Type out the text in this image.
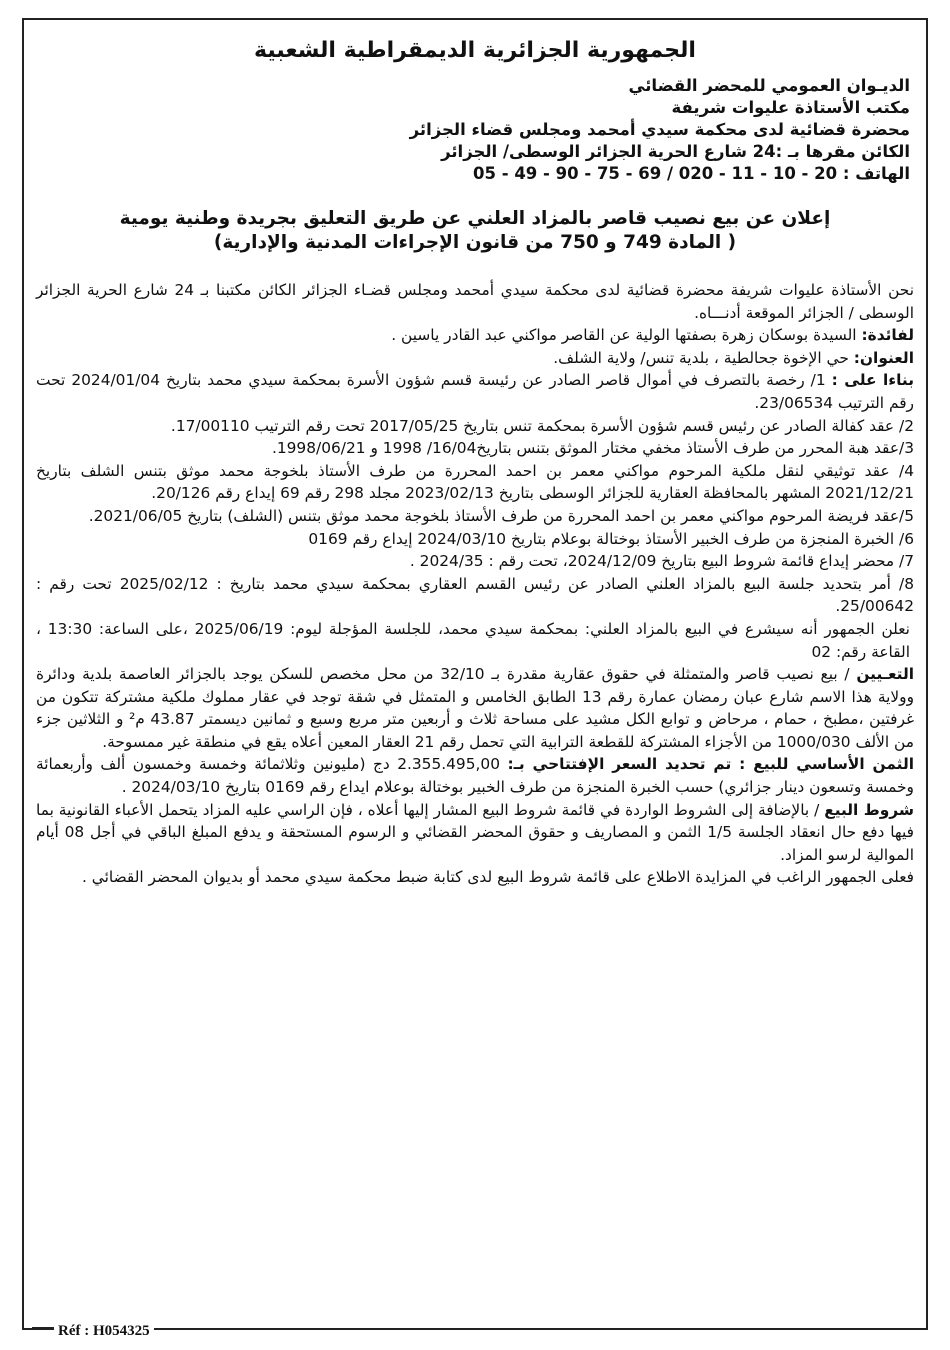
الجمهورية الجزائرية الديمقراطية الشعبية
الديـوان العمومي للمحضر القضائي
مكتب الأستاذة عليوات شريفة
محضرة قضائية لدى محكمة سيدي أمحمد ومجلس قضاء الجزائر
الكائن مقرها بـ :24 شارع الحرية الجزائر الوسطى/ الجزائر
الهاتف : 20 - 10 - 11 - 020 / 69 - 75 - 90 - 49 - 05
إعلان عن بيع نصيب قاصر بالمزاد العلني عن طريق التعليق بجريدة وطنية يومية
( المادة 749 و 750 من قانون الإجراءات المدنية والإدارية)

نحن الأستاذة عليوات شريفة محضرة قضائية لدى محكمة سيدي أمحمد ومجلس قضـاء الجزائر الكائن مكتبنا بـ 24 شارع الحرية الجزائر الوسطى / الجزائر الموقعة أدنـــاه.

لفائدة: السيدة بوسكان زهرة بصفتها الولية عن القاصر مواكني عبد القادر ياسين .

العنوان: حي الإخوة جحالطية ، بلدية تنس/ ولاية الشلف.

بناءا على : 1/ رخصة بالتصرف في أموال قاصر الصادر عن رئيسة قسم شؤون الأسرة بمحكمة سيدي محمد بتاريخ 2024/01/04 تحت رقم الترتيب 23/06534.

2/ عقد كفالة الصادر عن رئيس قسم شؤون الأسرة بمحكمة تنس بتاريخ 2017/05/25 تحت رقم الترتيب 17/00110.

3/عقد هبة المحرر من طرف الأستاذ مخفي مختار الموثق بتنس بتاريخ16/04/ 1998 و 1998/06/21.

4/ عقد توثيقي لنقل ملكية المرحوم مواكني معمر بن احمد المحررة من طرف الأستاذ بلخوجة محمد موثق بتنس الشلف بتاريخ 2021/12/21 المشهر بالمحافظة العقارية للجزائر الوسطى بتاريخ 2023/02/13 مجلد 298 رقم 69 إيداع رقم 20/126.

5/عقد فريضة المرحوم مواكني معمر بن احمد المحررة من طرف الأستاذ بلخوجة محمد موثق بتنس (الشلف) بتاريخ 2021/06/05.

6/ الخبرة المنجزة من طرف الخبير الأستاذ بوختالة بوعلام بتاريخ 2024/03/10 إيداع رقم 0169

7/ محضر إيداع قائمة شروط البيع بتاريخ 2024/12/09، تحت رقم : 2024/35 .

8/ أمر بتحديد جلسة البيع بالمزاد العلني الصادر عن رئيس القسم العقاري بمحكمة سيدي محمد بتاريخ : 2025/02/12 تحت رقم : 25/00642.

نعلن الجمهور أنه سيشرع في البيع بالمزاد العلني: بمحكمة سيدي محمد، للجلسة المؤجلة ليوم: 2025/06/19 ،على الساعة: 13:30 ، القاعة رقم: 02

التعـيين / بيع نصيب قاصر والمتمثلة في حقوق عقارية مقدرة بـ 32/10 من محل مخصص للسكن يوجد بالجزائر العاصمة بلدية ودائرة وولاية هذا الاسم شارع عبان رمضان عمارة رقم 13 الطابق الخامس و المتمثل في شقة توجد في عقار مملوك ملكية مشتركة تتكون من غرفتين ،مطبخ ، حمام ، مرحاض و توابع الكل مشيد على مساحة ثلاث و أربعين متر مربع وسبع و ثمانين ديسمتر 43.87 م² و الثلاثين جزء من الألف 1000/030 من الأجزاء المشتركة للقطعة الترابية التي تحمل رقم 21 العقار المعين أعلاه يقع في منطقة غير ممسوحة.

الثمن الأساسي للبيع : تم تحديد السعر الإفتتاحي بـ: 2.355.495,00 دج (مليونين وثلاثمائة وخمسة وخمسون ألف وأربعمائة وخمسة وتسعون دينار جزائري) حسب الخبرة المنجزة من طرف الخبير بوختالة بوعلام ايداع رقم 0169 بتاريخ 2024/03/10 .

شروط البيع / بالإضافة إلى الشروط الواردة في قائمة شروط البيع المشار إليها أعلاه ، فإن الراسي عليه المزاد يتحمل الأعباء القانونية بما فيها دفع حال انعقاد الجلسة 1/5 الثمن و المصاريف و حقوق المحضر القضائي و الرسوم المستحقة و يدفع المبلغ الباقي في أجل 08 أيام الموالية لرسو المزاد.

فعلى الجمهور الراغب في المزايدة الاطلاع على قائمة شروط البيع لدى كتابة ضبط محكمة سيدي محمد أو بديوان المحضر القضائي .

Réf : H054325
